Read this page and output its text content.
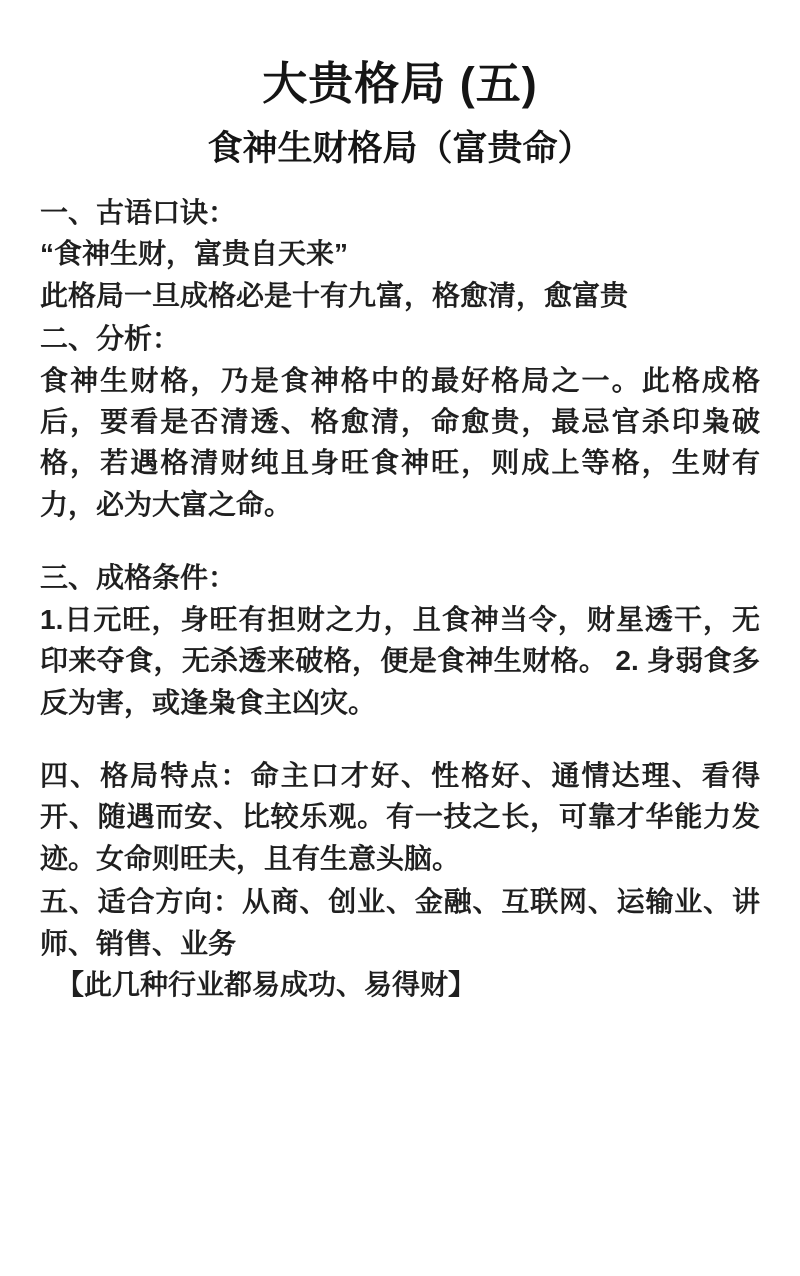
大贵格局 (五)
食神生财格局（富贵命）

一、古语口诀：

“食神生财，富贵自天来”

此格局一旦成格必是十有九富，格愈清，愈富贵

二、分析：

食神生财格，乃是食神格中的最好格局之一。此格成格后，要看是否清透、格愈清，命愈贵，最忌官杀印枭破格，若遇格清财纯且身旺食神旺，则成上等格，生财有力，必为大富之命。

三、成格条件：

1.日元旺，身旺有担财之力，且食神当令，财星透干，无印来夺食，无杀透来破格，便是食神生财格。 2. 身弱食多反为害，或逢枭食主凶灾。

四、格局特点：命主口才好、性格好、通情达理、看得开、随遇而安、比较乐观。有一技之长，可靠才华能力发迹。女命则旺夫，且有生意头脑。

五、适合方向：从商、创业、金融、互联网、运输业、讲师、销售、业务

【此几种行业都易成功、易得财】
